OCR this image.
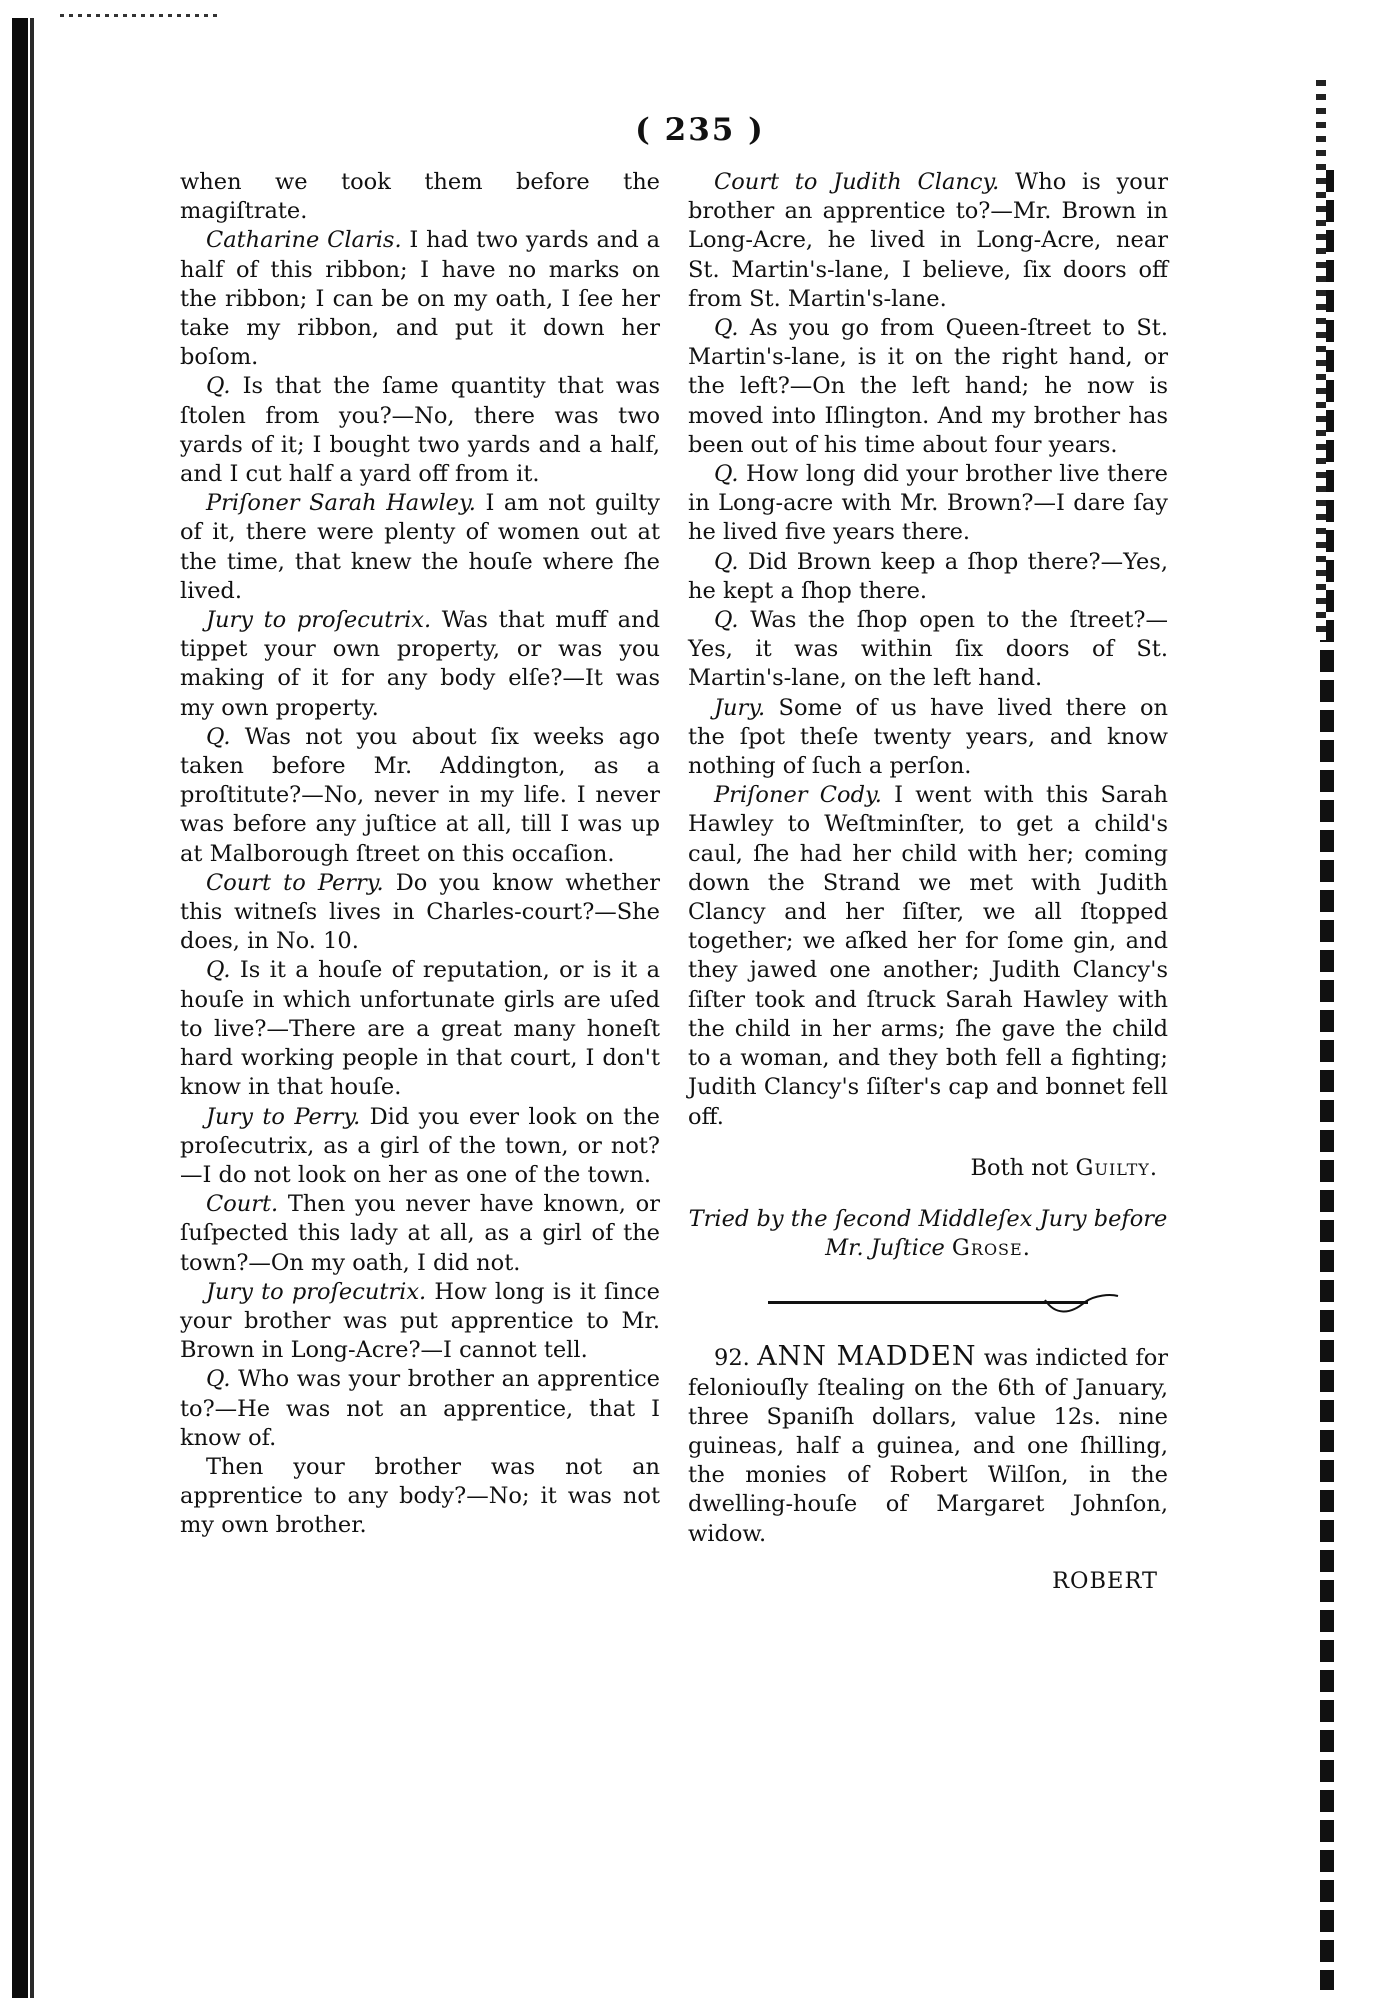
( 235 )

when we took them before the magiſtrate.

Catharine Claris. I had two yards and a half of this ribbon; I have no marks on the ribbon; I can be on my oath, I ſee her take my ribbon, and put it down her boſom.

Q. Is that the ſame quantity that was ſtolen from you?—No, there was two yards of it; I bought two yards and a half, and I cut half a yard off from it.

Priſoner Sarah Hawley. I am not guilty of it, there were plenty of women out at the time, that knew the houſe where ſhe lived.

Jury to proſecutrix. Was that muff and tippet your own property, or was you making of it for any body elſe?—It was my own property.

Q. Was not you about ſix weeks ago taken before Mr. Addington, as a proſtitute?—No, never in my life. I never was before any juſtice at all, till I was up at Malborough ſtreet on this occaſion.

Court to Perry. Do you know whether this witneſs lives in Charles-court?—She does, in No. 10.

Q. Is it a houſe of reputation, or is it a houſe in which unfortunate girls are uſed to live?—There are a great many honeſt hard working people in that court, I don't know in that houſe.

Jury to Perry. Did you ever look on the proſecutrix, as a girl of the town, or not?—I do not look on her as one of the town.

Court. Then you never have known, or ſuſpected this lady at all, as a girl of the town?—On my oath, I did not.

Jury to proſecutrix. How long is it ſince your brother was put apprentice to Mr. Brown in Long-Acre?—I cannot tell.

Q. Who was your brother an apprentice to?—He was not an apprentice, that I know of.

Then your brother was not an apprentice to any body?—No; it was not my own brother.

Court to Judith Clancy. Who is your brother an apprentice to?—Mr. Brown in Long-Acre, he lived in Long-Acre, near St. Martin's-lane, I believe, ſix doors off from St. Martin's-lane.

Q. As you go from Queen-ſtreet to St. Martin's-lane, is it on the right hand, or the left?—On the left hand; he now is moved into Iſlington. And my brother has been out of his time about four years.

Q. How long did your brother live there in Long-acre with Mr. Brown?—I dare ſay he lived five years there.

Q. Did Brown keep a ſhop there?—Yes, he kept a ſhop there.

Q. Was the ſhop open to the ſtreet?—Yes, it was within ſix doors of St. Martin's-lane, on the left hand.

Jury. Some of us have lived there on the ſpot theſe twenty years, and know nothing of ſuch a perſon.

Priſoner Cody. I went with this Sarah Hawley to Weſtminſter, to get a child's caul, ſhe had her child with her; coming down the Strand we met with Judith Clancy and her ſiſter, we all ſtopped together; we aſked her for ſome gin, and they jawed one another; Judith Clancy's ſiſter took and ſtruck Sarah Hawley with the child in her arms; ſhe gave the child to a woman, and they both fell a fighting; Judith Clancy's ſiſter's cap and bonnet fell off.

Both not Guilty.

Tried by the ſecond Middleſex Jury before

Mr. Juſtice Grose.

92. ANN MADDEN was indicted for feloniouſly ſtealing on the 6th of January, three Spaniſh dollars, value 12s. nine guineas, half a guinea, and one ſhilling, the monies of Robert Wilſon, in the dwelling-houſe of Margaret Johnſon, widow.

ROBERT
